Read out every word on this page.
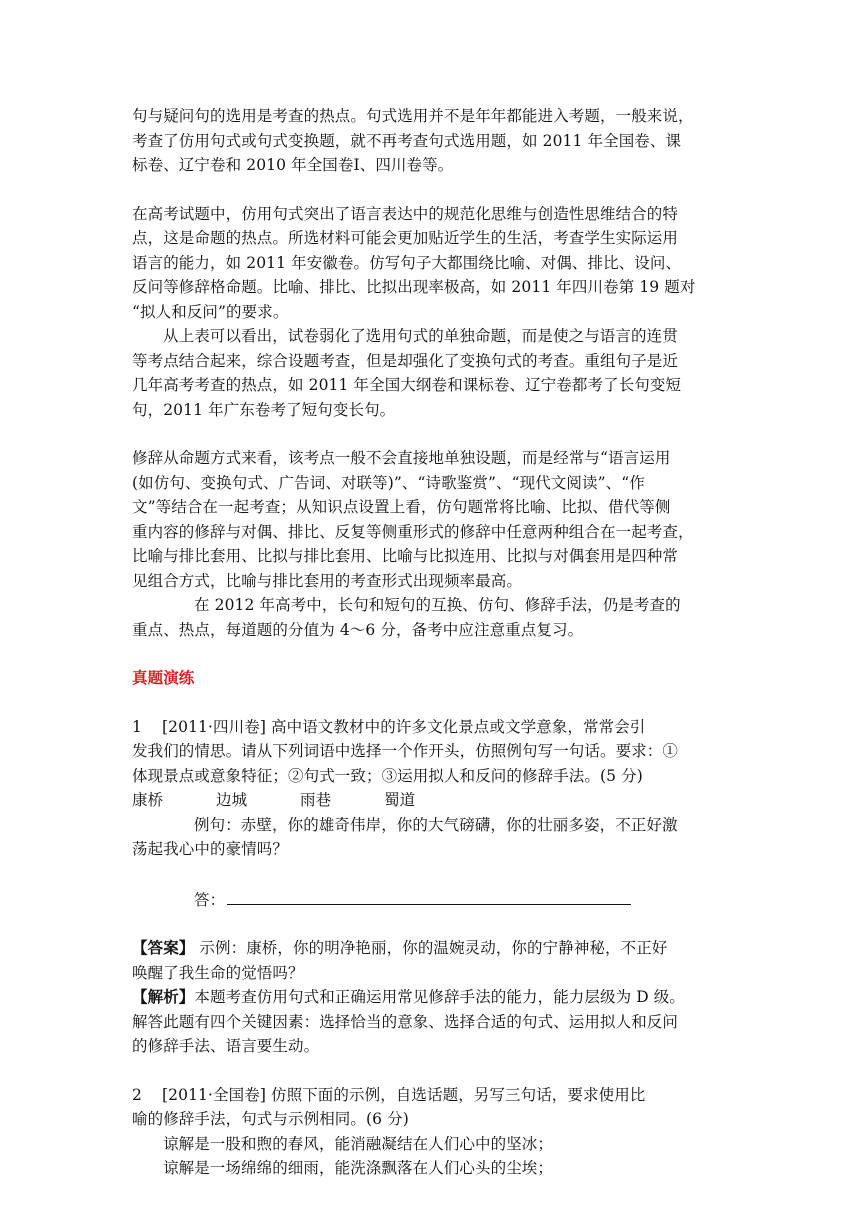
句与疑问句的选用是考查的热点。句式选用并不是年年都能进入考题，一般来说，

考查了仿用句式或句式变换题，就不再考查句式选用题，如 2011 年全国卷、课

标卷、辽宁卷和 2010 年全国卷Ⅰ、四川卷等。

在高考试题中，仿用句式突出了语言表达中的规范化思维与创造性思维结合的特

点，这是命题的热点。所选材料可能会更加贴近学生的生活，考查学生实际运用

语言的能力，如 2011 年安徽卷。仿写句子大都围绕比喻、对偶、排比、设问、

反问等修辞格命题。比喻、排比、比拟出现率极高，如 2011 年四川卷第 19 题对

“拟人和反问”的要求。

从上表可以看出，试卷弱化了选用句式的单独命题，而是使之与语言的连贯

等考点结合起来，综合设题考查，但是却强化了变换句式的考查。重组句子是近

几年高考考查的热点，如 2011 年全国大纲卷和课标卷、辽宁卷都考了长句变短

句，2011 年广东卷考了短句变长句。

修辞从命题方式来看，该考点一般不会直接地单独设题，而是经常与“语言运用

(如仿句、变换句式、广告词、对联等)”、“诗歌鉴赏”、“现代文阅读”、“作

文”等结合在一起考查；从知识点设置上看，仿句题常将比喻、比拟、借代等侧

重内容的修辞与对偶、排比、反复等侧重形式的修辞中任意两种组合在一起考查，

比喻与排比套用、比拟与排比套用、比喻与比拟连用、比拟与对偶套用是四种常

见组合方式，比喻与排比套用的考查形式出现频率最高。

在 2012 年高考中，长句和短句的互换、仿句、修辞手法，仍是考查的

重点、热点，每道题的分值为 4～6 分，备考中应注意重点复习。

真题演练

1 [2011·四川卷] 高中语文教材中的许多文化景点或文学意象，常常会引

发我们的情思。请从下列词语中选择一个作开头，仿照例句写一句话。要求：①

体现景点或意象特征；②句式一致；③运用拟人和反问的修辞手法。(5 分)

康桥	边城	雨巷	蜀道

例句：赤壁，你的雄奇伟岸，你的大气磅礴，你的壮丽多姿，不正好激

荡起我心中的豪情吗？

答：

【答案】 示例：康桥，你的明净艳丽，你的温婉灵动，你的宁静神秘，不正好

唤醒了我生命的觉悟吗？

【解析】本题考查仿用句式和正确运用常见修辞手法的能力，能力层级为 D 级。

解答此题有四个关键因素：选择恰当的意象、选择合适的句式、运用拟人和反问

的修辞手法、语言要生动。

2 [2011·全国卷] 仿照下面的示例，自选话题，另写三句话，要求使用比

喻的修辞手法，句式与示例相同。(6 分)

谅解是一股和煦的春风，能消融凝结在人们心中的坚冰；

谅解是一场绵绵的细雨，能洗涤飘落在人们心头的尘埃；
